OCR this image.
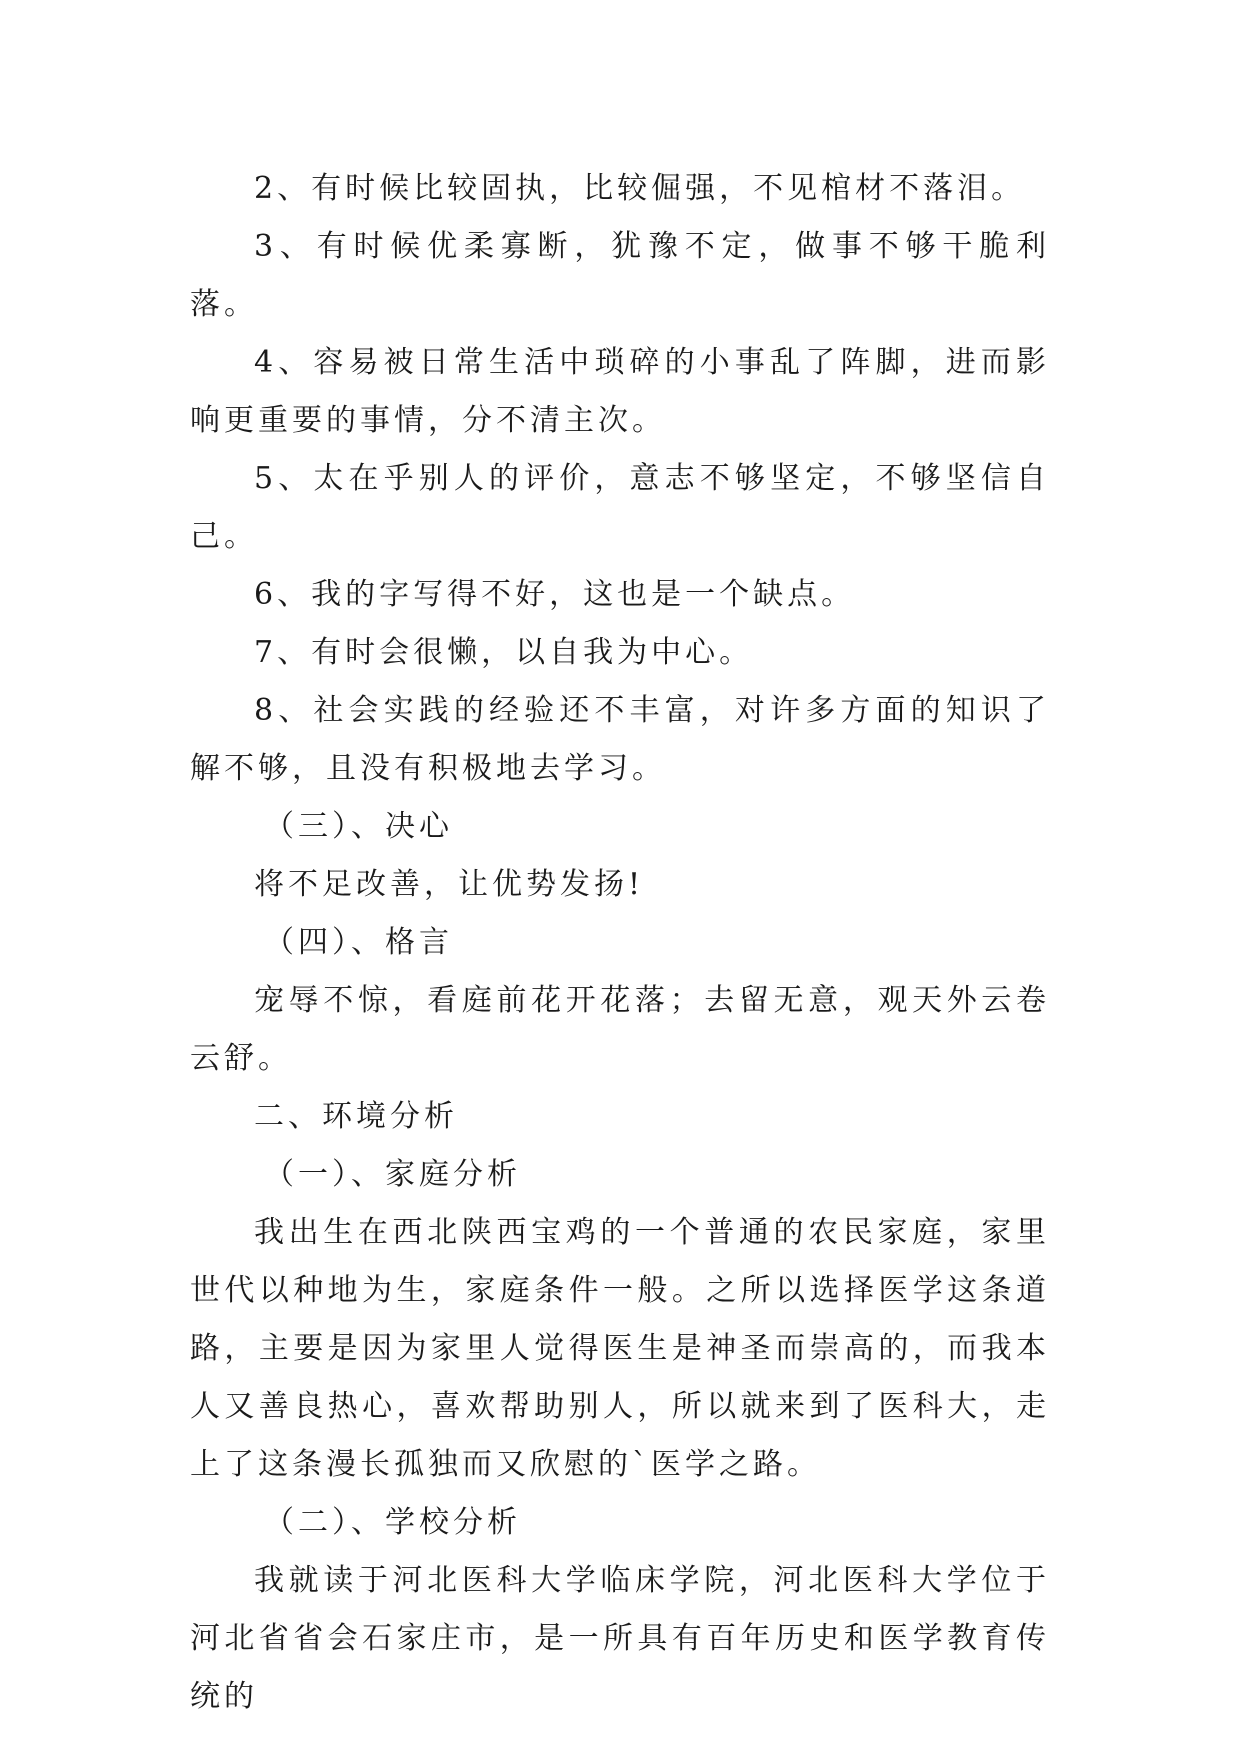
2、有时候比较固执，比较倔强，不见棺材不落泪。

3、有时候优柔寡断，犹豫不定，做事不够干脆利落。

4、容易被日常生活中琐碎的小事乱了阵脚，进而影响更重要的事情，分不清主次。

5、太在乎别人的评价，意志不够坚定，不够坚信自己。

6、我的字写得不好，这也是一个缺点。

7、有时会很懒，以自我为中心。

8、社会实践的经验还不丰富，对许多方面的知识了解不够，且没有积极地去学习。

（三）、决心

将不足改善，让优势发扬!

（四）、格言

宠辱不惊，看庭前花开花落；去留无意，观天外云卷云舒。

二、环境分析

（一）、家庭分析

我出生在西北陕西宝鸡的一个普通的农民家庭，家里世代以种地为生，家庭条件一般。之所以选择医学这条道路，主要是因为家里人觉得医生是神圣而崇高的，而我本人又善良热心，喜欢帮助别人，所以就来到了医科大，走上了这条漫长孤独而又欣慰的`医学之路。

（二）、学校分析

我就读于河北医科大学临床学院，河北医科大学位于河北省省会石家庄市，是一所具有百年历史和医学教育传统的
